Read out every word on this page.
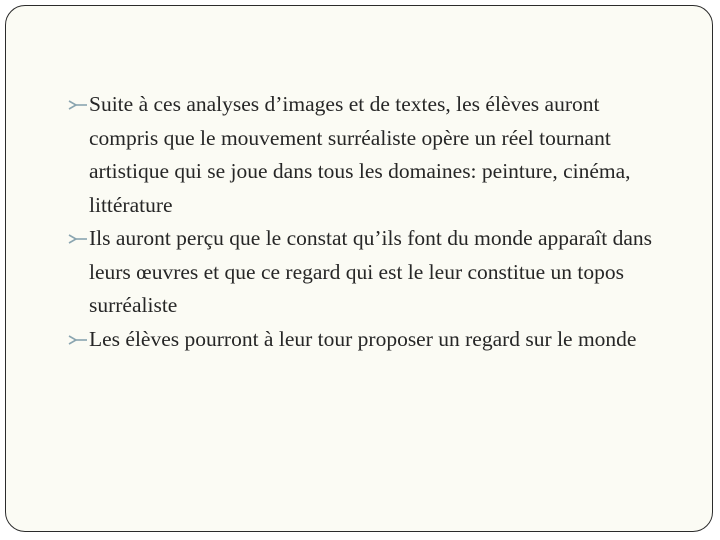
Suite à ces analyses d’images et de textes, les élèves auront compris que le mouvement surréaliste opère un réel tournant artistique qui se joue dans tous les domaines: peinture, cinéma, littérature
Ils auront perçu que le constat qu’ils font du monde apparaît dans leurs œuvres et que ce regard qui est le leur constitue un topos surréaliste
Les élèves pourront à leur tour proposer un regard sur le monde
